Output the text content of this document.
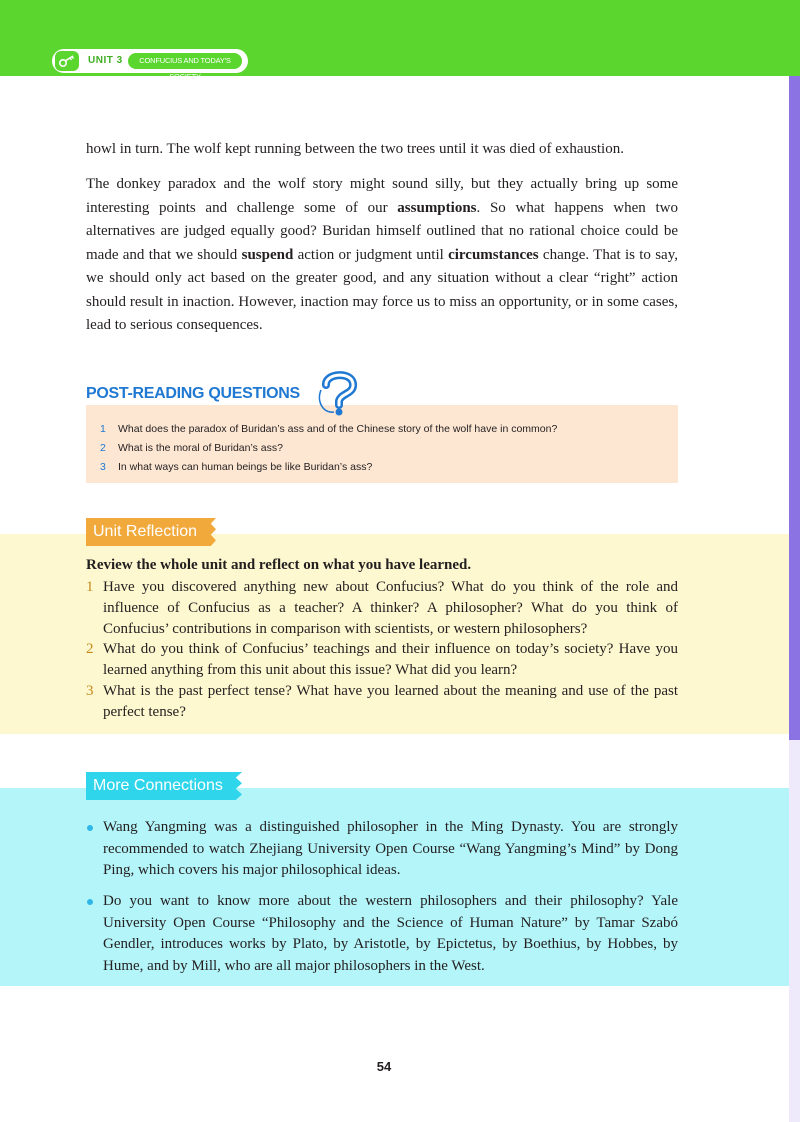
UNIT 3	CONFUCIUS AND TODAY'S SOCIETY
howl in turn. The wolf kept running between the two trees until it was died of exhaustion.
The donkey paradox and the wolf story might sound silly, but they actually bring up some interesting points and challenge some of our assumptions. So what happens when two alternatives are judged equally good? Buridan himself outlined that no rational choice could be made and that we should suspend action or judgment until circumstances change. That is to say, we should only act based on the greater good, and any situation without a clear “right” action should result in inaction. However, inaction may force us to miss an opportunity, or in some cases, lead to serious consequences.
POST-READING QUESTIONS
1 What does the paradox of Buridan’s ass and of the Chinese story of the wolf have in common?
2 What is the moral of Buridan’s ass?
3 In what ways can human beings be like Buridan’s ass?
Unit Reflection
Review the whole unit and reflect on what you have learned.
1 Have you discovered anything new about Confucius? What do you think of the role and influence of Confucius as a teacher? A thinker? A philosopher? What do you think of Confucius’ contributions in comparison with scientists, or western philosophers?
2 What do you think of Confucius’ teachings and their influence on today’s society? Have you learned anything from this unit about this issue? What did you learn?
3 What is the past perfect tense? What have you learned about the meaning and use of the past perfect tense?
More Connections
Wang Yangming was a distinguished philosopher in the Ming Dynasty. You are strongly recommended to watch Zhejiang University Open Course “Wang Yangming’s Mind” by Dong Ping, which covers his major philosophical ideas.
Do you want to know more about the western philosophers and their philosophy? Yale University Open Course “Philosophy and the Science of Human Nature” by Tamar Szabó Gendler, introduces works by Plato, by Aristotle, by Epictetus, by Boethius, by Hobbes, by Hume, and by Mill, who are all major philosophers in the West.
54
